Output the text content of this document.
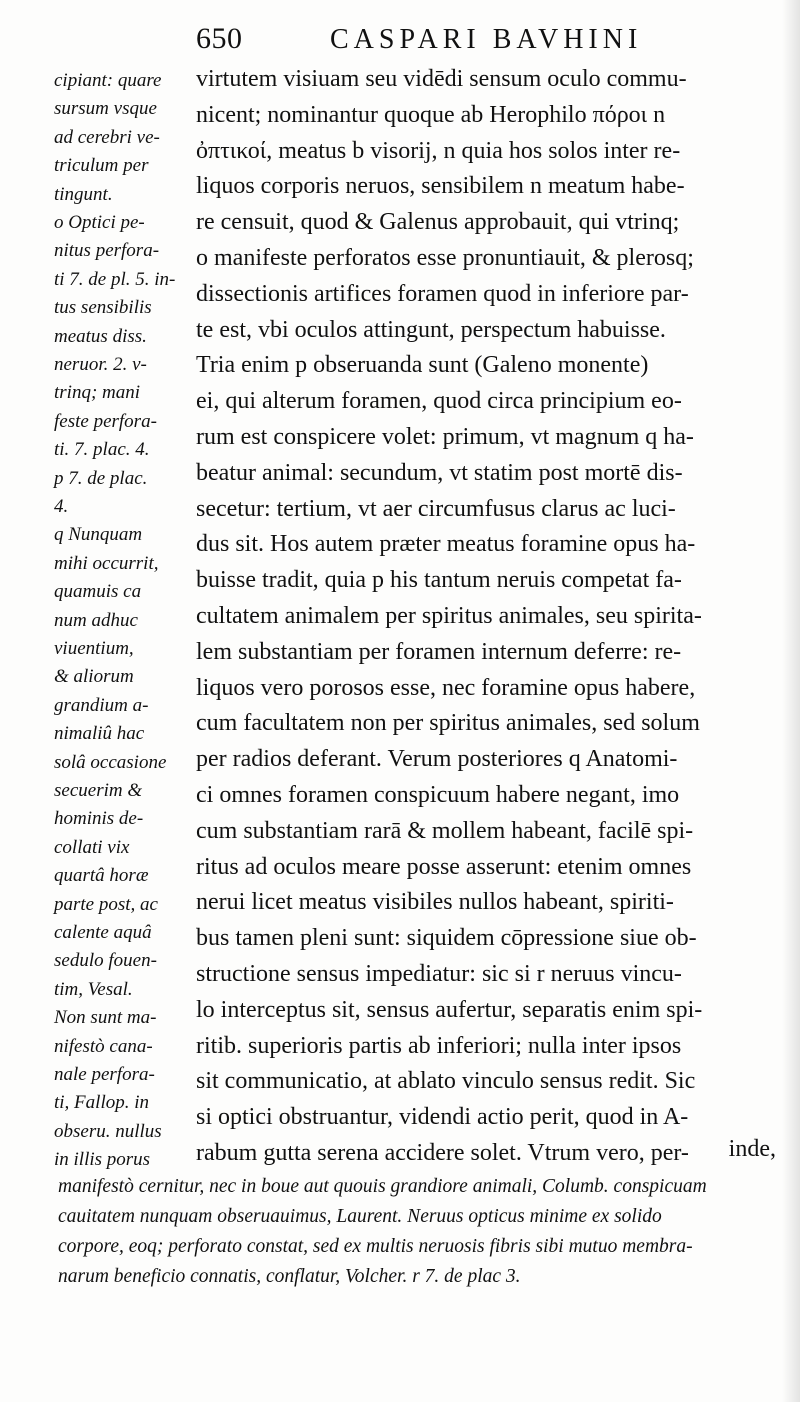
650	CASPARI BAVHINI
cipiant: quare
sursum vsque
ad cerebri ve-
triculum per
tingunt.
o Optici pe-
nitus perfora-
ti 7. de pl. 5. in-
tus sensibilis
meatus diss.
neruor. 2. v-
trinq; mani
feste perfora-
ti. 7. plac. 4.
p 7. de plac.
4.
q Nunquam
mihi occurrit,
quamuis ca
num adhuc
viuentium,
& aliorum
grandium a-
nimaliû hac
solâ occasione
secuerim &
hominis de-
collati vix
quartâ horæ
parte post, ac
calente aquâ
sedulo fouen-
tim, Vesal.
Non sunt ma-
nifestò cana-
nale perfora-
ti, Fallop. in
obseru. nullus
in illis porus
virtutem visiuam seu vidēdi sensum oculo commu-
nicent; nominantur quoque ab Herophilo πόροι n
ὀπτικοί, meatus b visorij, n quia hos solos inter re-
liquos corporis neruos, sensibilem n meatum habe-
re censuit, quod & Galenus approbauit, qui vtrinq;
o manifeste perforatos esse pronuntiauit, & plerosq;
dissectionis artifices foramen quod in inferiore par-
te est, vbi oculos attingunt, perspectum habuisse.
Tria enim p obseruanda sunt (Galeno monente)
ei, qui alterum foramen, quod circa principium eo-
rum est conspicere volet: primum, vt magnum q ha-
beatur animal: secundum, vt statim post mortē dis-
secetur: tertium, vt aer circumfusus clarus ac luci-
dus sit. Hos autem præter meatus foramine opus ha-
buisse tradit, quia p his tantum neruis competat fa-
cultatem animalem per spiritus animales, seu spirita-
lem substantiam per foramen internum deferre: re-
liquos vero porosos esse, nec foramine opus habere,
cum facultatem non per spiritus animales, sed solum
per radios deferant. Verum posteriores q Anatomi-
ci omnes foramen conspicuum habere negant, imo
cum substantiam rarā & mollem habeant, facilē spi-
ritus ad oculos meare posse asserunt: etenim omnes
nerui licet meatus visibiles nullos habeant, spiriti-
bus tamen pleni sunt: siquidem cōpressione siue ob-
structione sensus impediatur: sic si r neruus vincu-
lo interceptus sit, sensus aufertur, separatis enim spi-
ritib. superioris partis ab inferiori; nulla inter ipsos
sit communicatio, at ablato vinculo sensus redit. Sic
si optici obstruantur, videndi actio perit, quod in A-
rabum gutta serena accidere solet. Vtrum vero, per-	inde,
manifestò cernitur, nec in boue aut quouis grandiore animali, Columb. conspicuam
cauitatem nunquam obseruauimus, Laurent. Neruus opticus minime ex solido
corpore, eoq; perforato constat, sed ex multis neruosis fibris sibi mutuo membra-
narum beneficio connatis, conflatur, Volcher. r 7. de plac 3.
